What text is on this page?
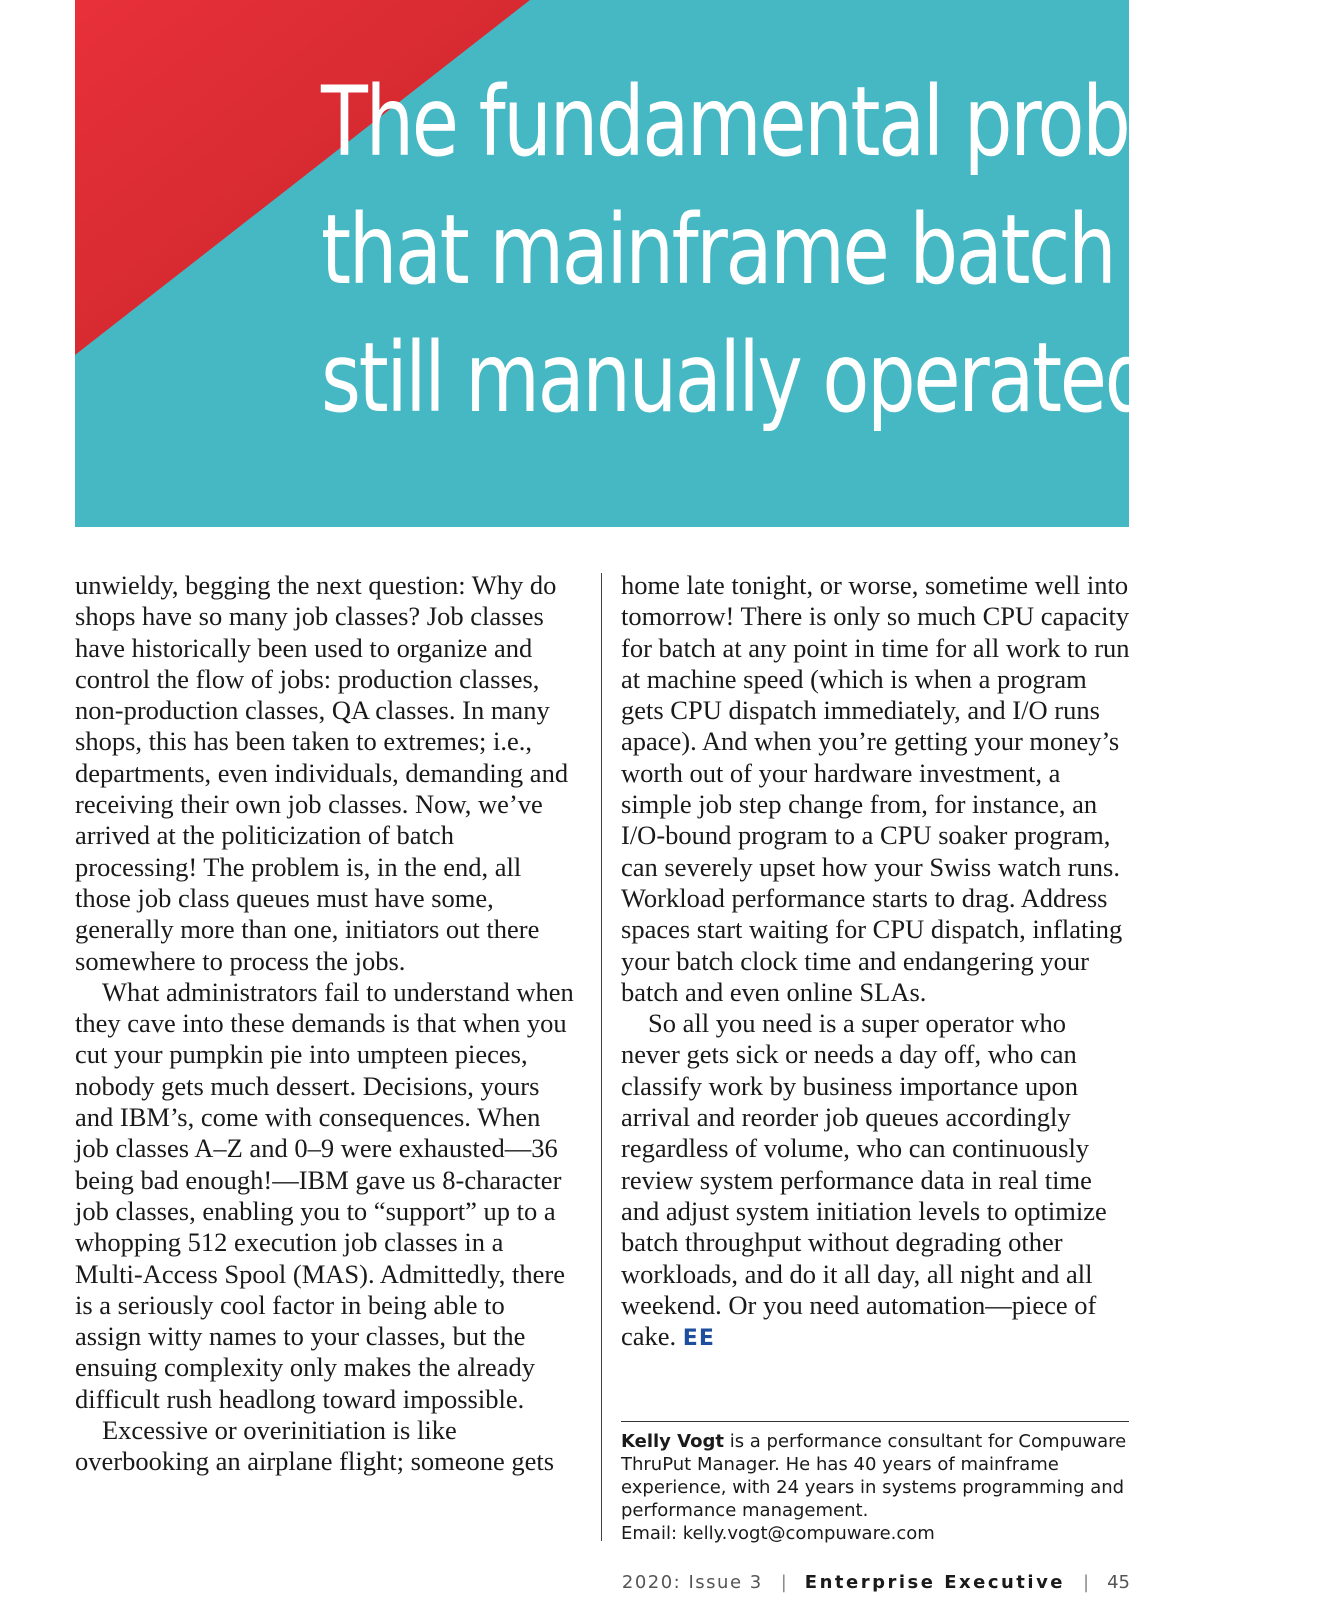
The fundamental problem is
that mainframe batch is
still manually operated.

unwieldy, begging the next question: Why do shops have so many job classes? Job classes have historically been used to organize and control the flow of jobs: production classes, non-production classes, QA classes. In many shops, this has been taken to extremes; i.e., departments, even individuals, demanding and receiving their own job classes. Now, we’ve arrived at the politicization of batch processing! The problem is, in the end, all those job class queues must have some, generally more than one, initiators out there somewhere to process the jobs.

What administrators fail to understand when they cave into these demands is that when you cut your pumpkin pie into umpteen pieces, nobody gets much dessert. Decisions, yours and IBM’s, come with consequences. When job classes A–Z and 0–9 were exhausted—36 being bad enough!—IBM gave us 8-character job classes, enabling you to “support” up to a whopping 512 execution job classes in a Multi-Access Spool (MAS). Admittedly, there is a seriously cool factor in being able to assign witty names to your classes, but the ensuing complexity only makes the already difficult rush headlong toward impossible.

Excessive or overinitiation is like overbooking an airplane flight; someone gets

home late tonight, or worse, sometime well into tomorrow! There is only so much CPU capacity for batch at any point in time for all work to run at machine speed (which is when a program gets CPU dispatch immediately, and I/O runs apace). And when you’re getting your money’s worth out of your hardware investment, a simple job step change from, for instance, an I/O-bound program to a CPU soaker program, can severely upset how your Swiss watch runs. Workload performance starts to drag. Address spaces start waiting for CPU dispatch, inflating your batch clock time and endangering your batch and even online SLAs.

So all you need is a super operator who never gets sick or needs a day off, who can classify work by business importance upon arrival and reorder job queues accordingly regardless of volume, who can continuously review system performance data in real time and adjust system initiation levels to optimize batch throughput without degrading other workloads, and do it all day, all night and all weekend. Or you need automation—piece of cake. EE

Kelly Vogt is a performance consultant for Compuware ThruPut Manager. He has 40 years of mainframe experience, with 24 years in systems programming and performance management.

Email: kelly.vogt@compuware.com

2020: Issue 3 | Enterprise Executive | 45
